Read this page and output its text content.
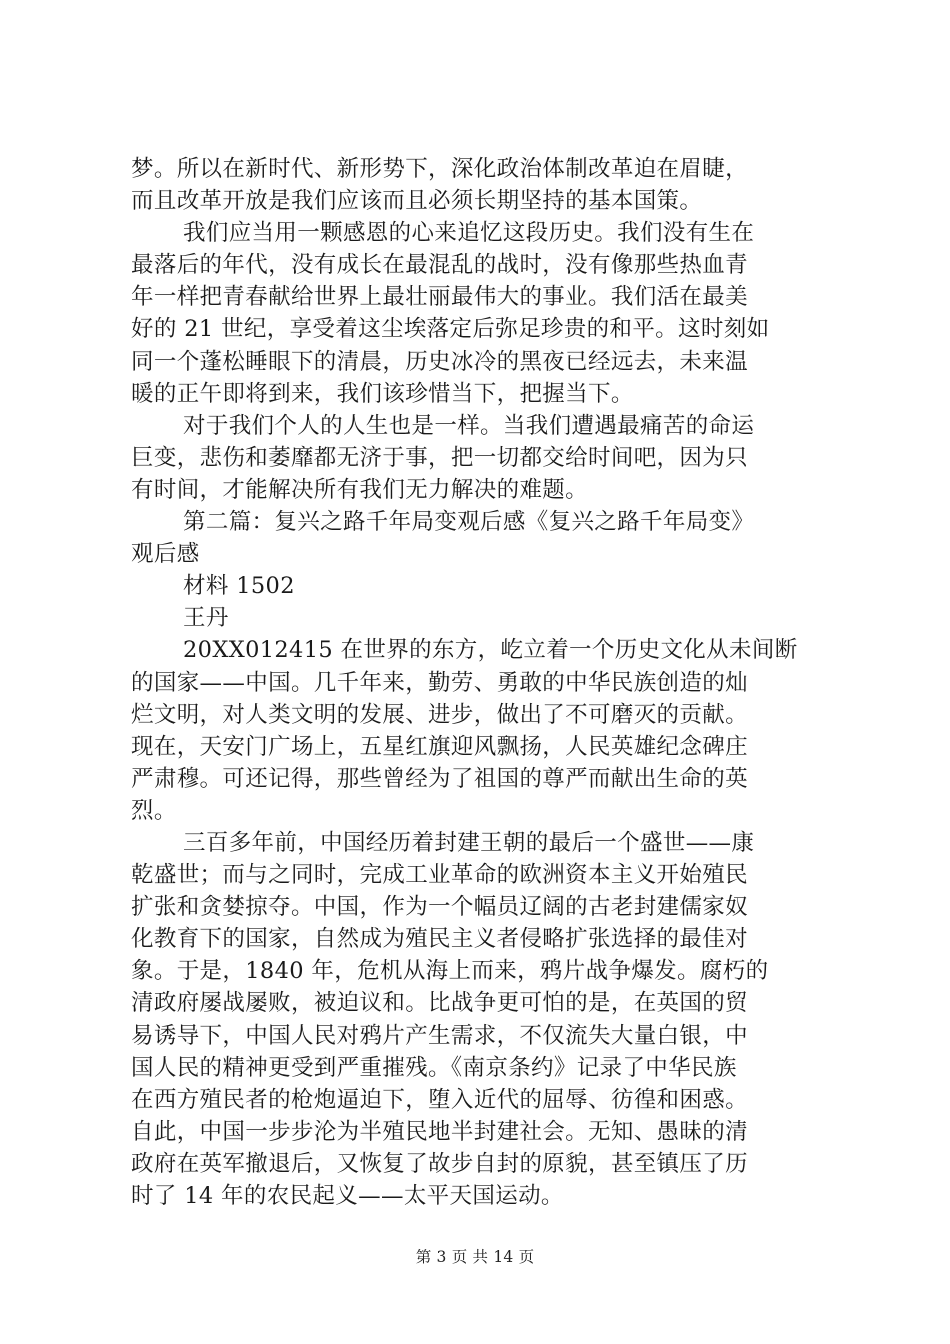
梦。所以在新时代、新形势下，深化政治体制改革迫在眉睫，
而且改革开放是我们应该而且必须长期坚持的基本国策。
我们应当用一颗感恩的心来追忆这段历史。我们没有生在
最落后的年代，没有成长在最混乱的战时，没有像那些热血青
年一样把青春献给世界上最壮丽最伟大的事业。我们活在最美
好的 21 世纪，享受着这尘埃落定后弥足珍贵的和平。这时刻如
同一个蓬松睡眼下的清晨，历史冰冷的黑夜已经远去，未来温
暖的正午即将到来，我们该珍惜当下，把握当下。
对于我们个人的人生也是一样。当我们遭遇最痛苦的命运
巨变，悲伤和萎靡都无济于事，把一切都交给时间吧，因为只
有时间，才能解决所有我们无力解决的难题。
第二篇：复兴之路千年局变观后感《复兴之路千年局变》
观后感
材料 1502
王丹
20XX012415 在世界的东方，屹立着一个历史文化从未间断
的国家——中国。几千年来，勤劳、勇敢的中华民族创造的灿
烂文明，对人类文明的发展、进步，做出了不可磨灭的贡献。
现在，天安门广场上，五星红旗迎风飘扬，人民英雄纪念碑庄
严肃穆。可还记得，那些曾经为了祖国的尊严而献出生命的英
烈。
三百多年前，中国经历着封建王朝的最后一个盛世——康
乾盛世；而与之同时，完成工业革命的欧洲资本主义开始殖民
扩张和贪婪掠夺。中国，作为一个幅员辽阔的古老封建儒家奴
化教育下的国家，自然成为殖民主义者侵略扩张选择的最佳对
象。于是，1840 年，危机从海上而来，鸦片战争爆发。腐朽的
清政府屡战屡败，被迫议和。比战争更可怕的是，在英国的贸
易诱导下，中国人民对鸦片产生需求，不仅流失大量白银，中
国人民的精神更受到严重摧残。《南京条约》记录了中华民族
在西方殖民者的枪炮逼迫下，堕入近代的屈辱、彷徨和困惑。
自此，中国一步步沦为半殖民地半封建社会。无知、愚昧的清
政府在英军撤退后，又恢复了故步自封的原貌，甚至镇压了历
时了 14 年的农民起义——太平天国运动。
第 3 页 共 14 页
